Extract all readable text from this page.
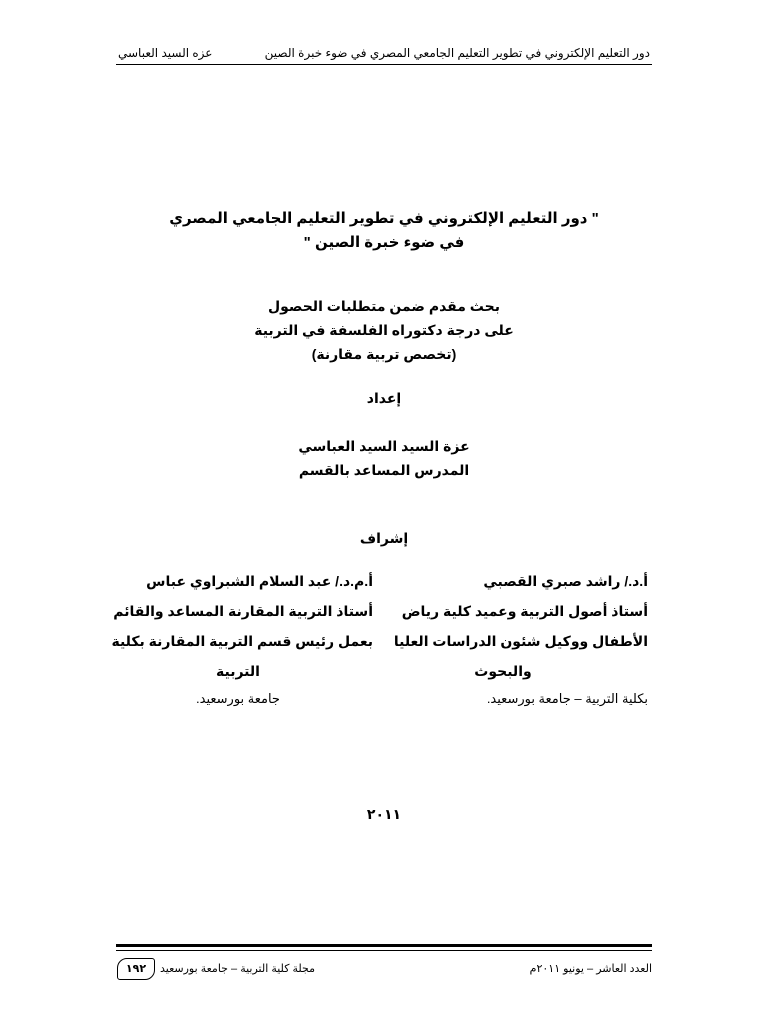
عزه السيد العباسي	دور التعليم الإلكتروني في تطوير التعليم الجامعي المصري في ضوء خبرة الصين
" دور التعليم الإلكتروني في تطوير التعليم الجامعي المصري
في ضوء خبرة الصين "
بحث مقدم ضمن متطلبات الحصول
على درجة دكتوراه الفلسفة في التربية
(تخصص تربية مقارنة)
إعداد
عزة السيد السيد العباسي
المدرس المساعد بالقسم
إشراف
أ.د./ راشد صبري القصبي
أستاذ أصول التربية وعميد كلية رياض
الأطفال ووكيل شئون الدراسات العليا
والبحوث
بكلية التربية – جامعة بورسعيد.
أ.م.د./ عبد السلام الشبراوي عباس
أستاذ التربية المقارنة المساعد والقائم
بعمل رئيس قسم التربية المقارنة بكلية
التربية
جامعة بورسعيد.
٢٠١١
العدد العاشر – يونيو ٢٠١١م
مجلة كلية التربية – جامعة بورسعيد
١٩٢
